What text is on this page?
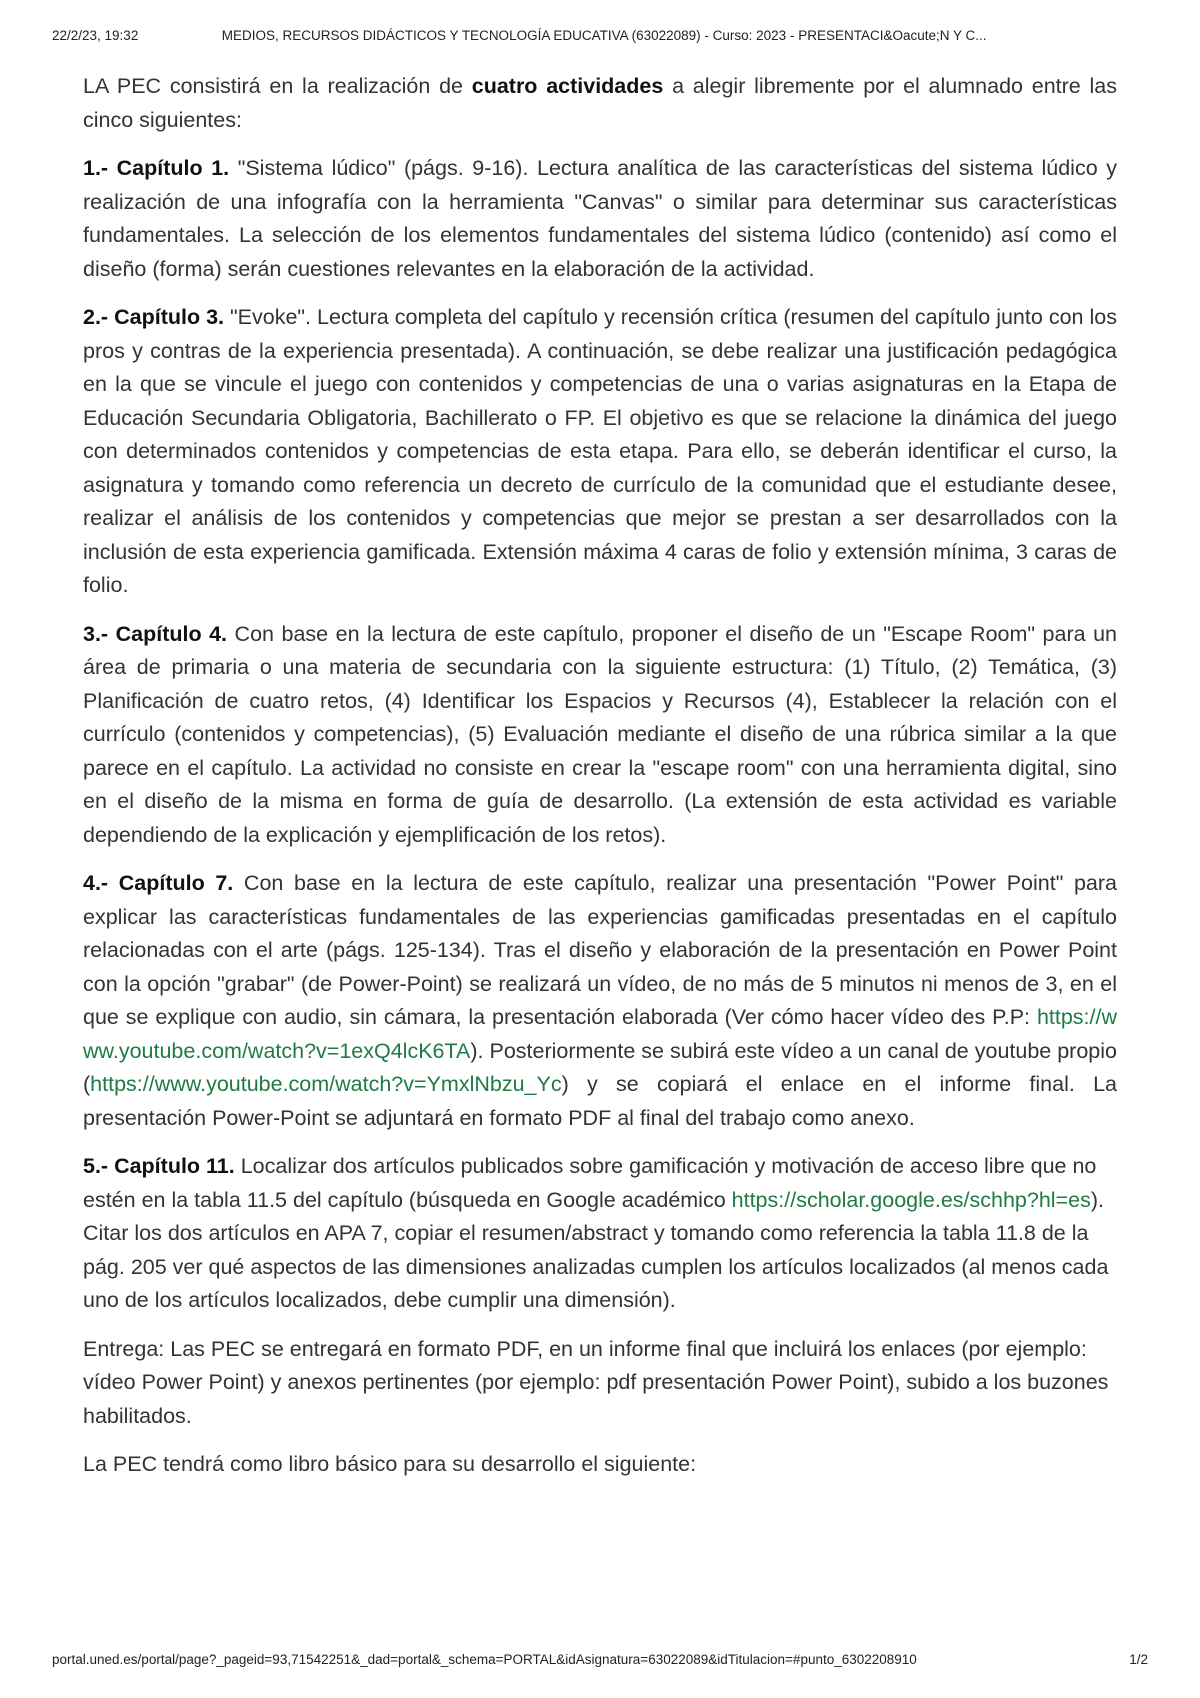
22/2/23, 19:32	MEDIOS, RECURSOS DIDÁCTICOS Y TECNOLOGÍA EDUCATIVA (63022089) - Curso: 2023 - PRESENTACI&Oacute;N Y C...

LA PEC consistirá en la realización de cuatro actividades a alegir libremente por el alumnado entre las cinco siguientes:

1.- Capítulo 1. "Sistema lúdico" (págs. 9-16). Lectura analítica de las características del sistema lúdico y realización de una infografía con la herramienta "Canvas" o similar para determinar sus características fundamentales. La selección de los elementos fundamentales del sistema lúdico (contenido) así como el diseño (forma) serán cuestiones relevantes en la elaboración de la actividad.

2.- Capítulo 3. "Evoke". Lectura completa del capítulo y recensión crítica (resumen del capítulo junto con los pros y contras de la experiencia presentada). A continuación, se debe realizar una justificación pedagógica en la que se vincule el juego con contenidos y competencias de una o varias asignaturas en la Etapa de Educación Secundaria Obligatoria, Bachillerato o FP. El objetivo es que se relacione la dinámica del juego con determinados contenidos y competencias de esta etapa. Para ello, se deberán identificar el curso, la asignatura y tomando como referencia un decreto de currículo de la comunidad que el estudiante desee, realizar el análisis de los contenidos y competencias que mejor se prestan a ser desarrollados con la inclusión de esta experiencia gamificada. Extensión máxima 4 caras de folio y extensión mínima, 3 caras de folio.

3.- Capítulo 4. Con base en la lectura de este capítulo, proponer el diseño de un "Escape Room" para un área de primaria o una materia de secundaria con la siguiente estructura: (1) Título, (2) Temática, (3) Planificación de cuatro retos, (4) Identificar los Espacios y Recursos (4), Establecer la relación con el currículo (contenidos y competencias), (5) Evaluación mediante el diseño de una rúbrica similar a la que parece en el capítulo. La actividad no consiste en crear la "escape room" con una herramienta digital, sino en el diseño de la misma en forma de guía de desarrollo. (La extensión de esta actividad es variable dependiendo de la explicación y ejemplificación de los retos).

4.- Capítulo 7. Con base en la lectura de este capítulo, realizar una presentación "Power Point" para explicar las características fundamentales de las experiencias gamificadas presentadas en el capítulo relacionadas con el arte (págs. 125-134). Tras el diseño y elaboración de la presentación en Power Point con la opción "grabar" (de Power-Point) se realizará un vídeo, de no más de 5 minutos ni menos de 3, en el que se explique con audio, sin cámara, la presentación elaborada (Ver cómo hacer vídeo des P.P: https://www.youtube.com/watch?v=1exQ4lcK6TA). Posteriormente se subirá este vídeo a un canal de youtube propio (https://www.youtube.com/watch?v=YmxlNbzu_Yc) y se copiará el enlace en el informe final. La presentación Power-Point se adjuntará en formato PDF al final del trabajo como anexo.

5.- Capítulo 11. Localizar dos artículos publicados sobre gamificación y motivación de acceso libre que no estén en la tabla 11.5 del capítulo (búsqueda en Google académico https://scholar.google.es/schhp?hl=es). Citar los dos artículos en APA 7, copiar el resumen/abstract y tomando como referencia la tabla 11.8 de la pág. 205 ver qué aspectos de las dimensiones analizadas cumplen los artículos localizados (al menos cada uno de los artículos localizados, debe cumplir una dimensión).

Entrega: Las PEC se entregará en formato PDF, en un informe final que incluirá los enlaces (por ejemplo: vídeo Power Point) y anexos pertinentes (por ejemplo: pdf presentación Power Point), subido a los buzones habilitados.

La PEC tendrá como libro básico para su desarrollo el siguiente:

portal.uned.es/portal/page?_pageid=93,71542251&_dad=portal&_schema=PORTAL&idAsignatura=63022089&idTitulacion=#punto_6302208910	1/2
